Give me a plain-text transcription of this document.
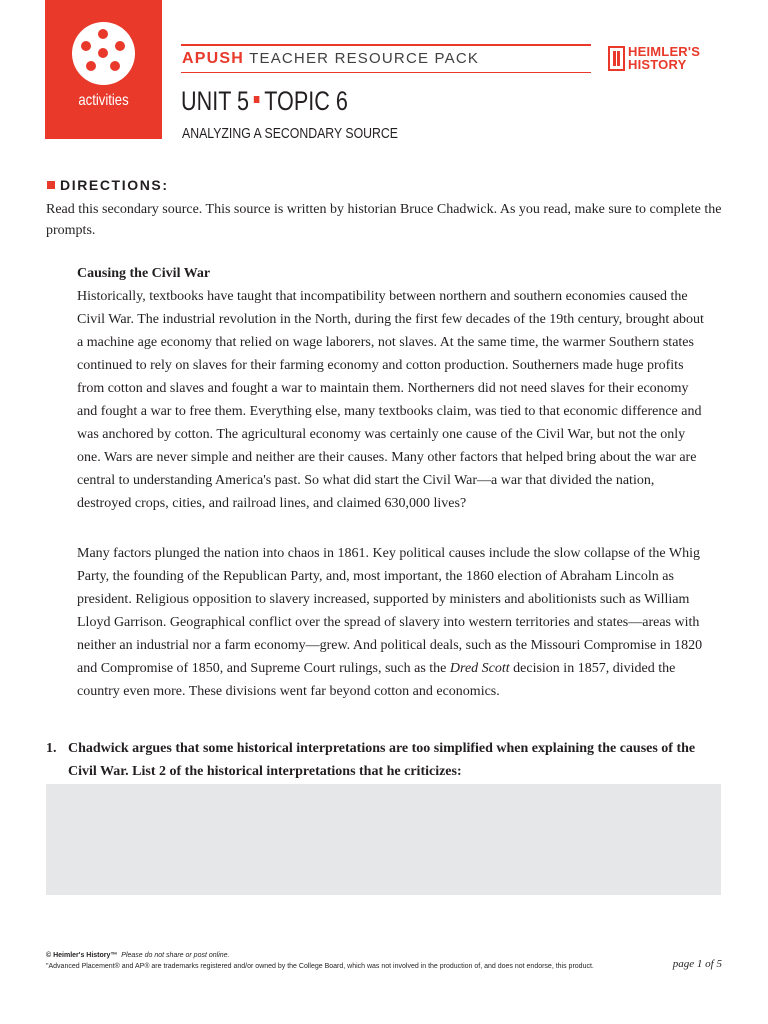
activities
APUSH TEACHER RESOURCE PACK	HEIMLER'S
HISTORY
UNIT 5 TOPIC 6
ANALYZING A SECONDARY SOURCE
DIRECTIONS:
Read this secondary source. This source is written by historian Bruce Chadwick. As you read, make sure to complete the prompts.
Causing the Civil War
Historically, textbooks have taught that incompatibility between northern and southern economies caused the Civil War. The industrial revolution in the North, during the first few decades of the 19th century, brought about a machine age economy that relied on wage laborers, not slaves. At the same time, the warmer Southern states continued to rely on slaves for their farming economy and cotton production. Southerners made huge profits from cotton and slaves and fought a war to maintain them. Northerners did not need slaves for their economy and fought a war to free them. Everything else, many textbooks claim, was tied to that economic difference and was anchored by cotton. The agricultural economy was certainly one cause of the Civil War, but not the only one. Wars are never simple and neither are their causes. Many other factors that helped bring about the war are central to understanding America's past. So what did start the Civil War—a war that divided the nation, destroyed crops, cities, and railroad lines, and claimed 630,000 lives?
Many factors plunged the nation into chaos in 1861. Key political causes include the slow collapse of the Whig Party, the founding of the Republican Party, and, most important, the 1860 election of Abraham Lincoln as president. Religious opposition to slavery increased, supported by ministers and abolitionists such as William Lloyd Garrison. Geographical conflict over the spread of slavery into western territories and states—areas with neither an industrial nor a farm economy—grew. And political deals, such as the Missouri Compromise in 1820 and Compromise of 1850, and Supreme Court rulings, such as the Dred Scott decision in 1857, divided the country even more. These divisions went far beyond cotton and economics.
1. Chadwick argues that some historical interpretations are too simplified when explaining the causes of the Civil War. List 2 of the historical interpretations that he criticizes:
© Heimler's History™ Please do not share or post online.
"Advanced Placement® and AP® are trademarks registered and/or owned by the College Board, which was not involved in the production of, and does not endorse, this product.	page 1 of 5
